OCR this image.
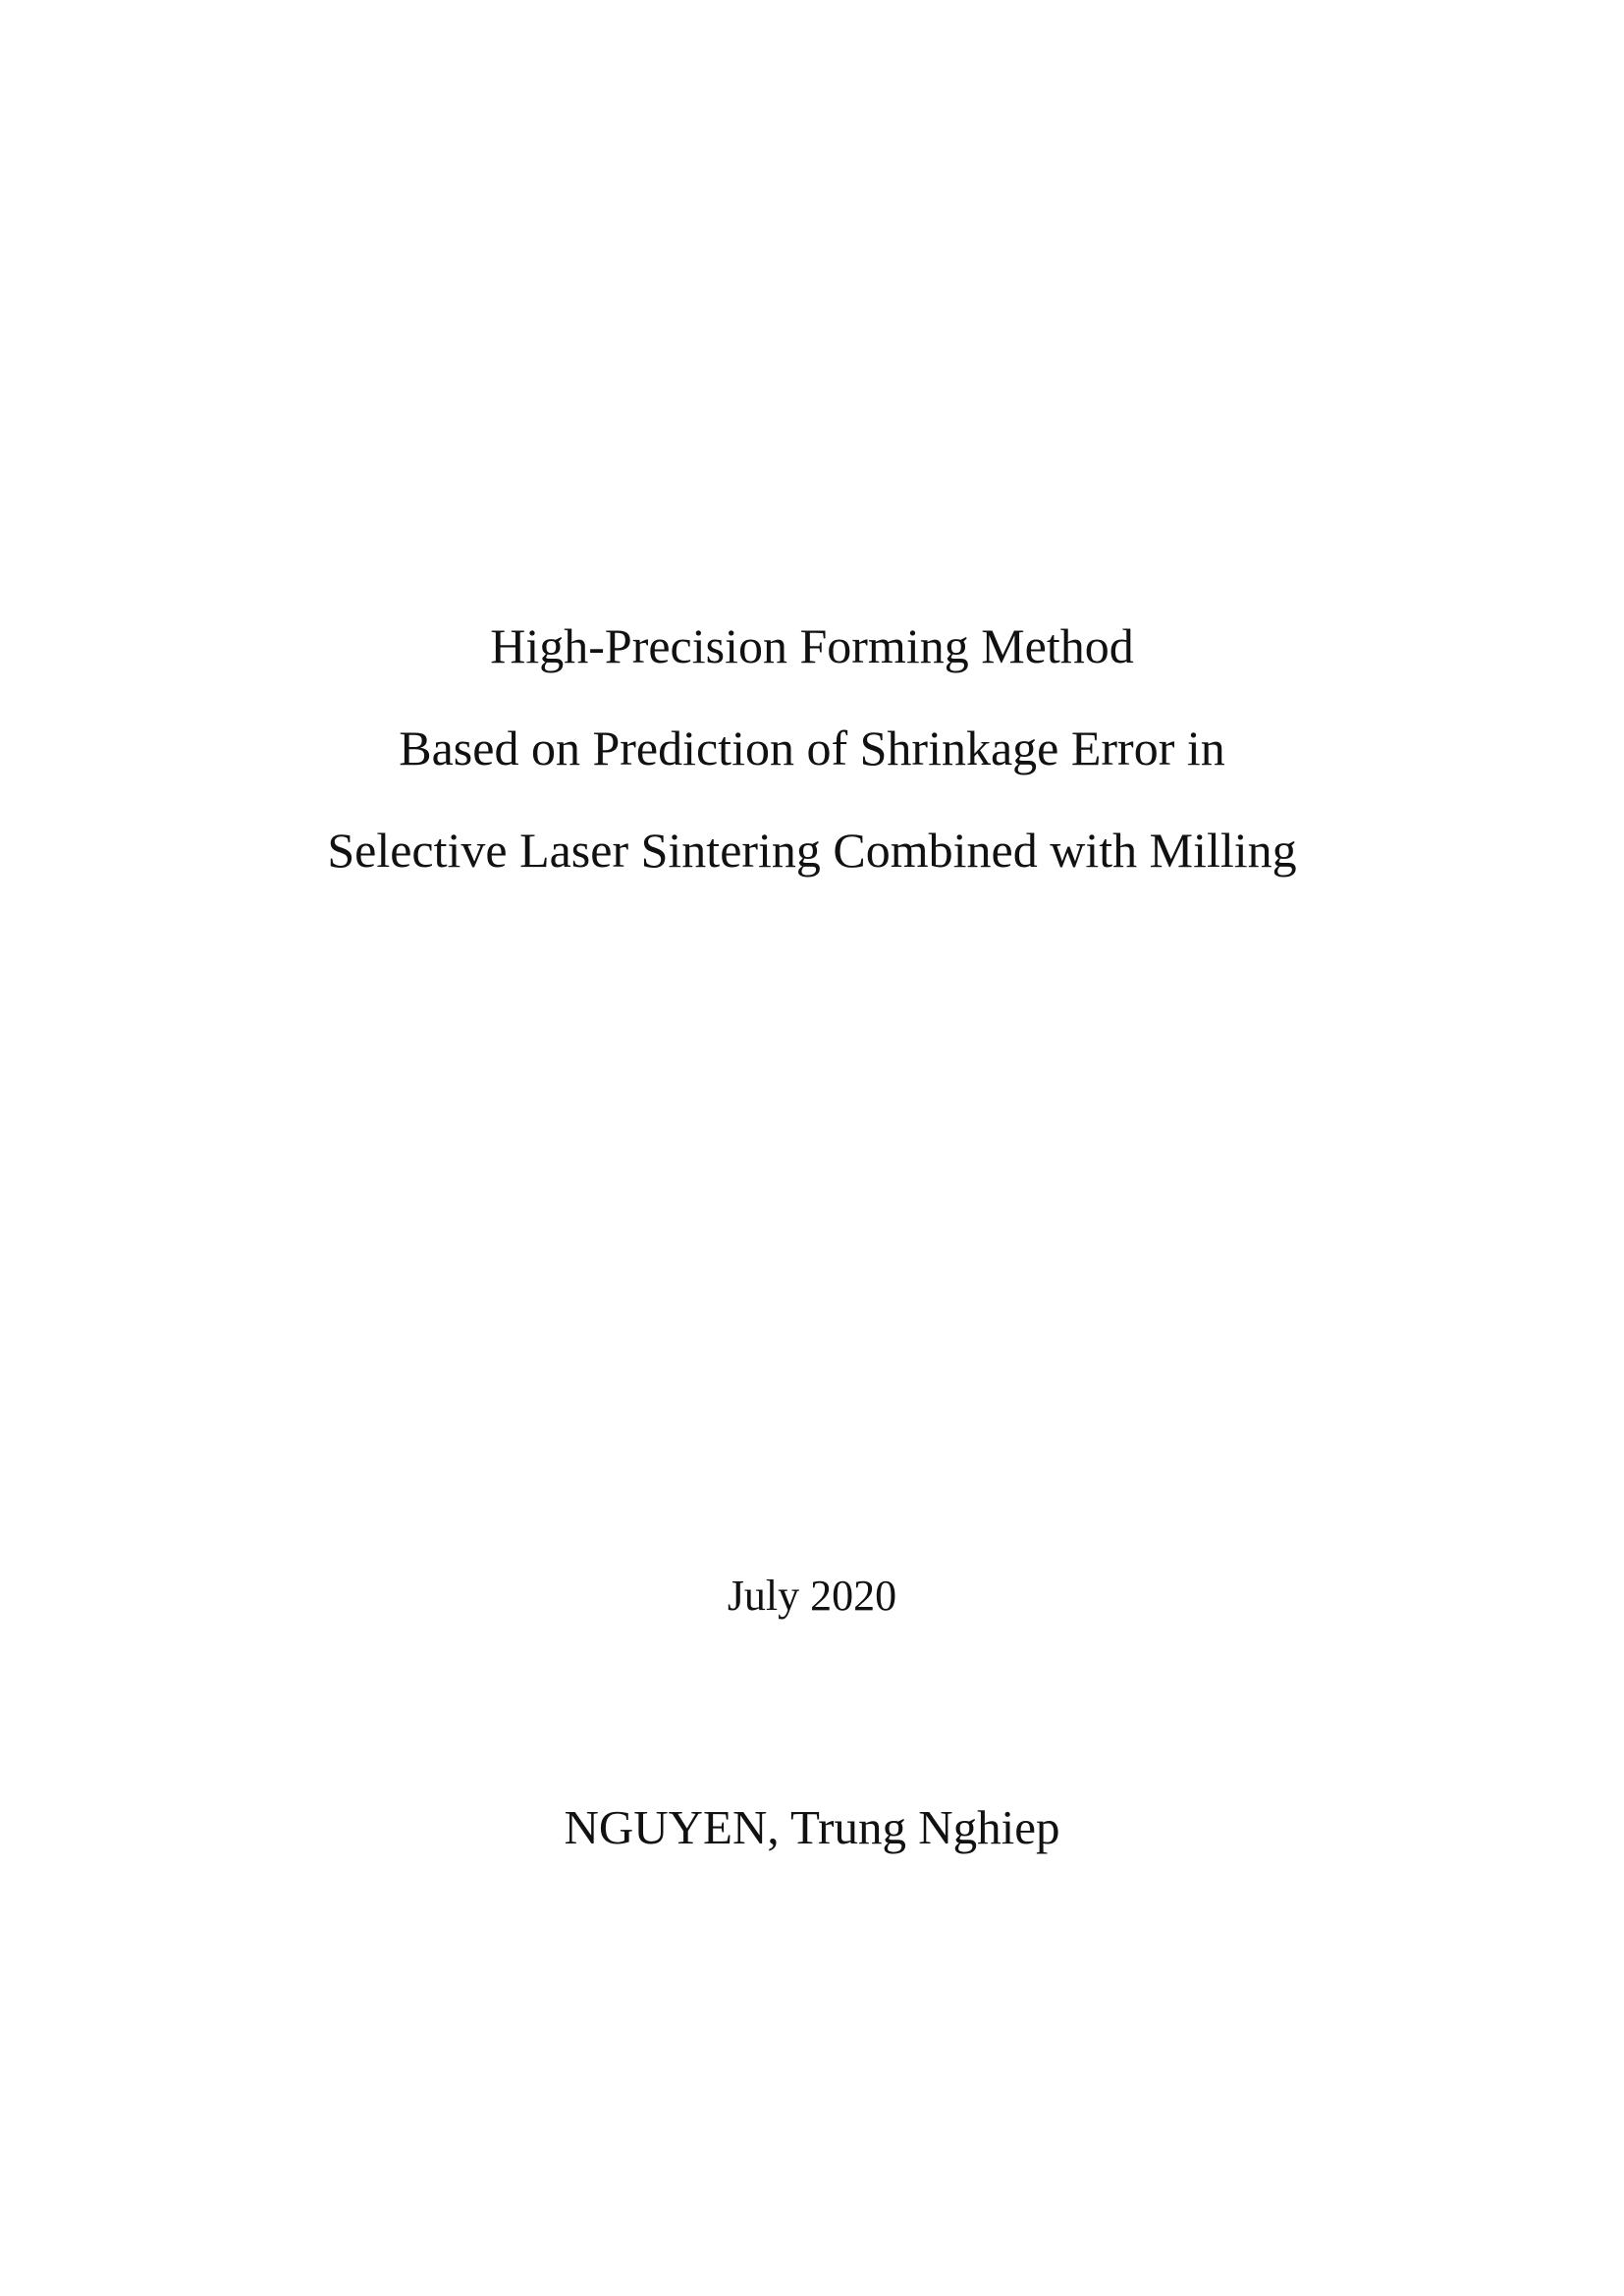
High-Precision Forming Method
Based on Prediction of Shrinkage Error in
Selective Laser Sintering Combined with Milling
July 2020
NGUYEN, Trung Nghiep
